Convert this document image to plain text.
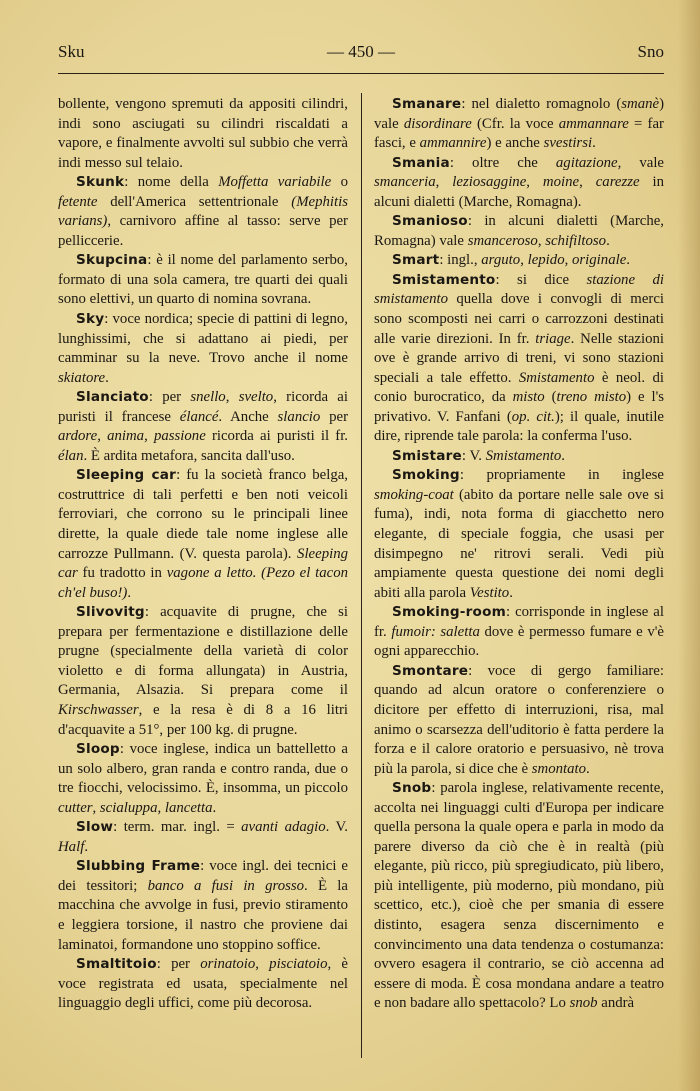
Sku	— 450 —	Sno

bollente, vengono spremuti da appositi cilindri, indi sono asciugati su cilindri riscaldati a vapore, e finalmente avvolti sul subbio che verrà indi messo sul telaio.

Skunk: nome della Moffetta variabile o fetente dell'America settentrionale (Mephitis varians), carnivoro affine al tasso: serve per pelliccerie.

Skupcina: è il nome del parlamento serbo, formato di una sola camera, tre quarti dei quali sono elettivi, un quarto di nomina sovrana.

Sky: voce nordica; specie di pattini di legno, lunghissimi, che si adattano ai piedi, per camminar su la neve. Trovo anche il nome skiatore.

Slanciato: per snello, svelto, ricorda ai puristi il francese élancé. Anche slancio per ardore, anima, passione ricorda ai puristi il fr. élan. È ardita metafora, sancita dall'uso.

Sleeping car: fu la società franco belga, costruttrice di tali perfetti e ben noti veicoli ferroviari, che corrono su le principali linee dirette, la quale diede tale nome inglese alle carrozze Pullmann. (V. questa parola). Sleeping car fu tradotto in vagone a letto. (Pezo el tacon ch'el buso!).

Slivovitg: acquavite di prugne, che si prepara per fermentazione e distillazione delle prugne (specialmente della varietà di color violetto e di forma allungata) in Austria, Germania, Alsazia. Si prepara come il Kirschwasser, e la resa è di 8 a 16 litri d'acquavite a 51°, per 100 kg. di prugne.

Sloop: voce inglese, indica un battelletto a un solo albero, gran randa e contro randa, due o tre fiocchi, velocissimo. È, insomma, un piccolo cutter, scialuppa, lancetta.

Slow: term. mar. ingl. = avanti adagio. V. Half.

Slubbing Frame: voce ingl. dei tecnici e dei tessitori; banco a fusi in grosso. È la macchina che avvolge in fusi, previo stiramento e leggiera torsione, il nastro che proviene dai laminatoi, formandone uno stoppino soffice.

Smaltitoio: per orinatoio, pisciatoio, è voce registrata ed usata, specialmente nel linguaggio degli uffici, come più decorosa.

Smanare: nel dialetto romagnolo (smanè) vale disordinare (Cfr. la voce ammannare = far fasci, e ammannire) e anche svestirsi.

Smania: oltre che agitazione, vale smanceria, leziosaggine, moine, carezze in alcuni dialetti (Marche, Romagna).

Smanioso: in alcuni dialetti (Marche, Romagna) vale smanceroso, schifiltoso.

Smart: ingl., arguto, lepido, originale.

Smistamento: si dice stazione di smistamento quella dove i convogli di merci sono scomposti nei carri o carrozzoni destinati alle varie direzioni. In fr. triage. Nelle stazioni ove è grande arrivo di treni, vi sono stazioni speciali a tale effetto. Smistamento è neol. di conio burocratico, da misto (treno misto) e l's privativo. V. Fanfani (op. cit.); il quale, inutile dire, riprende tale parola: la conferma l'uso.

Smistare: V. Smistamento.

Smoking: propriamente in inglese smoking-coat (abito da portare nelle sale ove si fuma), indi, nota forma di giacchetto nero elegante, di speciale foggia, che usasi per disimpegno ne' ritrovi serali. Vedi più ampiamente questa questione dei nomi degli abiti alla parola Vestito.

Smoking-room: corrisponde in inglese al fr. fumoir: saletta dove è permesso fumare e v'è ogni apparecchio.

Smontare: voce di gergo familiare: quando ad alcun oratore o conferenziere o dicitore per effetto di interruzioni, risa, mal animo o scarsezza dell'uditorio è fatta perdere la forza e il calore oratorio e persuasivo, nè trova più la parola, si dice che è smontato.

Snob: parola inglese, relativamente recente, accolta nei linguaggi culti d'Europa per indicare quella persona la quale opera e parla in modo da parere diverso da ciò che è in realtà (più elegante, più ricco, più spregiudicato, più libero, più intelligente, più moderno, più mondano, più scettico, etc.), cioè che per smania di essere distinto, esagera senza discernimento e convincimento una data tendenza o costumanza: ovvero esagera il contrario, se ciò accenna ad essere di moda. È cosa mondana andare a teatro e non badare allo spettacolo? Lo snob andrà
